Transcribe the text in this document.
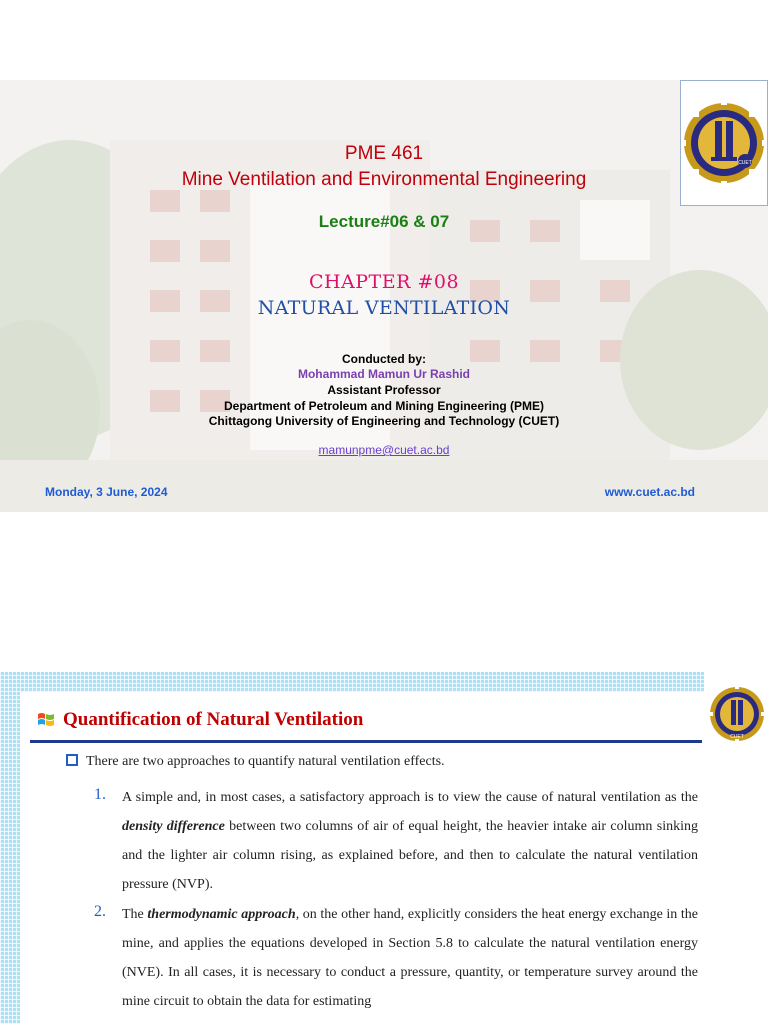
PME 461
Mine Ventilation and Environmental Engineering
Lecture#06 & 07
CHAPTER #08
NATURAL VENTILATION
Conducted by:
Mohammad Mamun Ur Rashid
Assistant Professor
Department of Petroleum and Mining Engineering (PME)
Chittagong University of Engineering and Technology (CUET)
mamunpme@cuet.ac.bd
Monday, 3 June, 2024	www.cuet.ac.bd
CUET
Quantification of Natural Ventilation
CUET
There are two approaches to quantify natural ventilation effects.
1. A simple and, in most cases, a satisfactory approach is to view the cause of natural ventilation as the density difference between two columns of air of equal height, the heavier intake air column sinking and the lighter air column rising, as explained before, and then to calculate the natural ventilation pressure (NVP).
2. The thermodynamic approach, on the other hand, explicitly considers the heat energy exchange in the mine, and applies the equations developed in Section 5.8 to calculate the natural ventilation energy (NVE). In all cases, it is necessary to conduct a pressure, quantity, or temperature survey around the mine circuit to obtain the data for estimating
